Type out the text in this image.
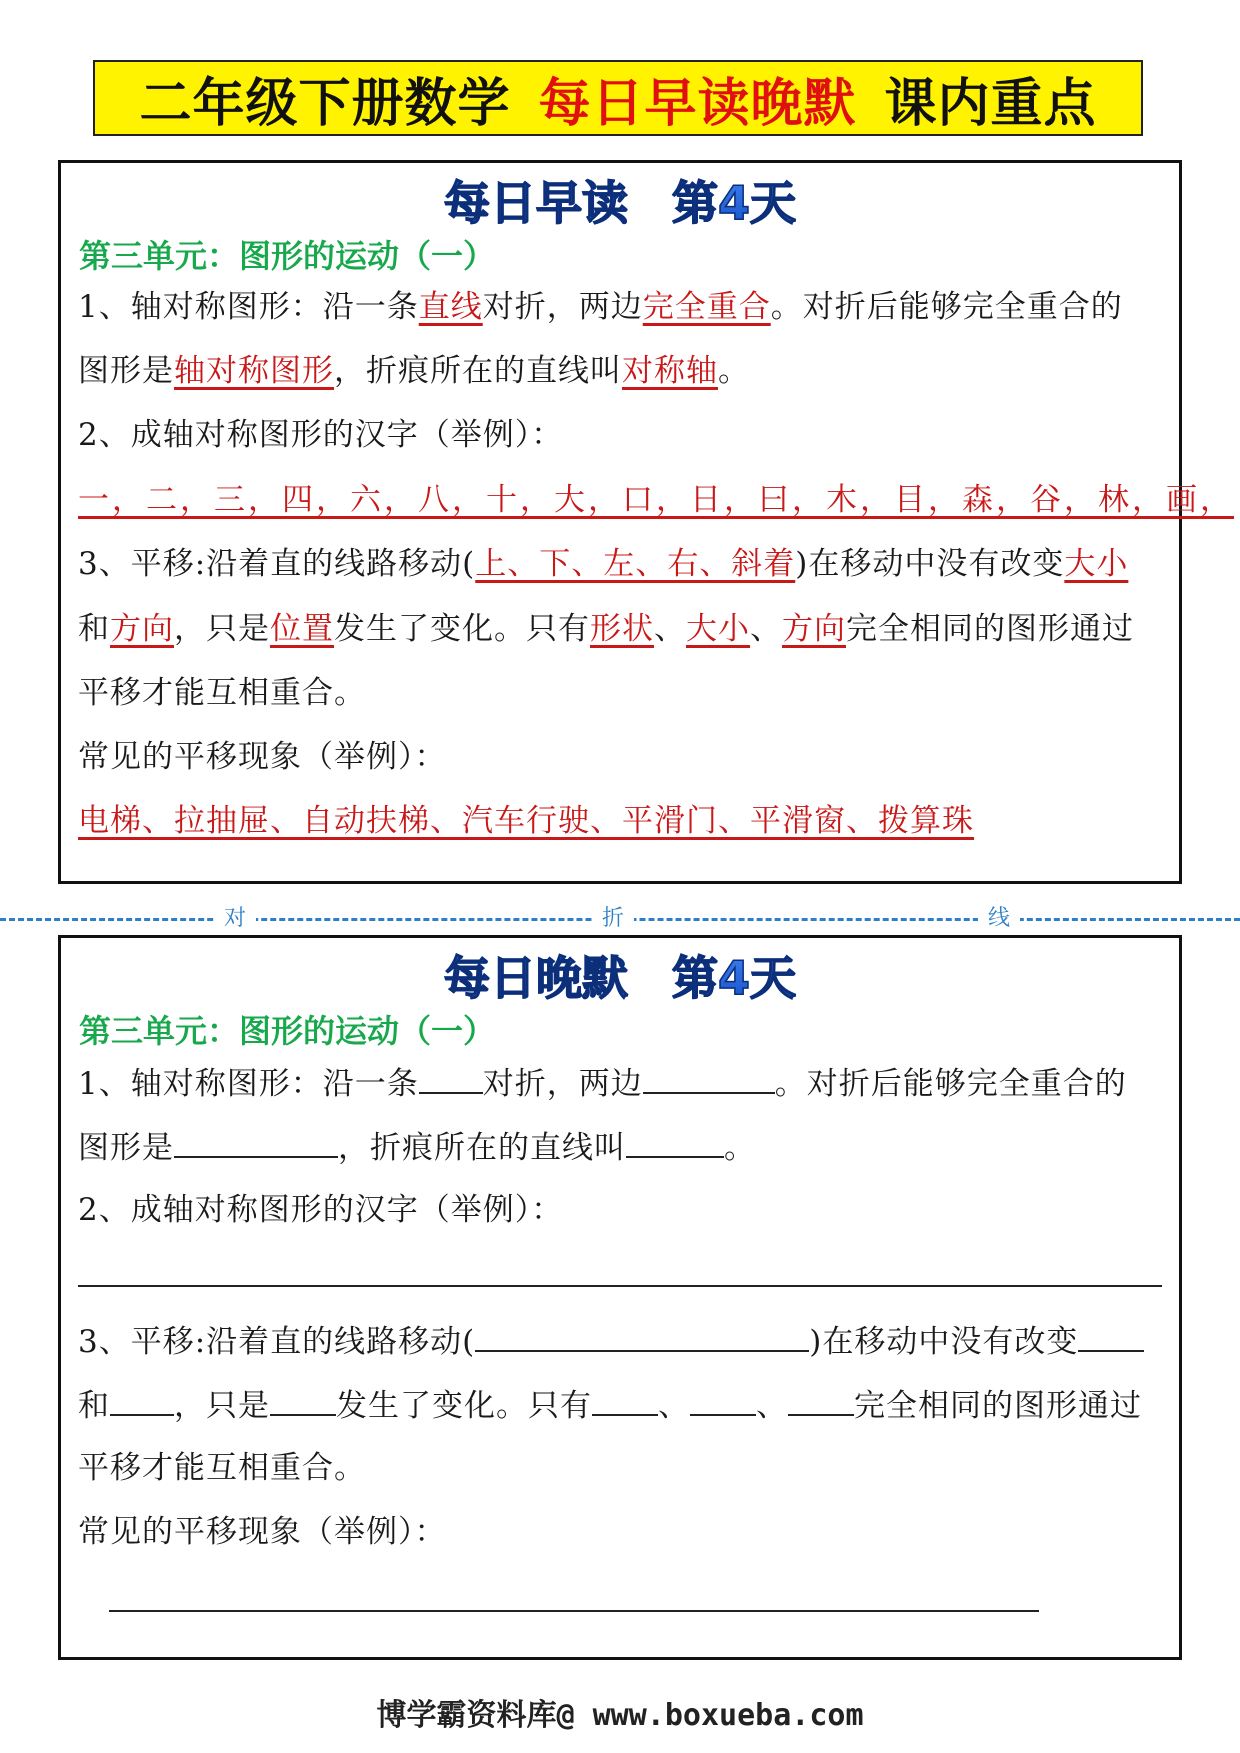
二年级下册数学 每日早读晚默 课内重点
每日早读 第4天
第三单元：图形的运动（一）
1、轴对称图形：沿一条直线对折，两边完全重合。对折后能够完全重合的
图形是轴对称图形，折痕所在的直线叫对称轴。
2、成轴对称图形的汉字（举例）：
一，二，三，四，六，八，十，大，口，日，曰，木，目，森，谷，林，画，
3、平移:沿着直的线路移动(上、下、左、右、斜着)在移动中没有改变大小
和方向，只是位置发生了变化。只有形状、大小、方向完全相同的图形通过
平移才能互相重合。
常见的平移现象（举例）：
电梯、拉抽屉、自动扶梯、汽车行驶、平滑门、平滑窗、拨算珠
对	折	线
每日晚默 第4天
第三单元：图形的运动（一）
1、轴对称图形：沿一条 对折，两边	。对折后能够完全重合的
图形是	，折痕所在的直线叫	。
2、成轴对称图形的汉字（举例）：
3、平移:沿着直的线路移动(	)在移动中没有改变
和 ，只是 发生了变化。只有 、 、 完全相同的图形通过
平移才能互相重合。
常见的平移现象（举例）：
博学霸资料库@ www.boxueba.com
